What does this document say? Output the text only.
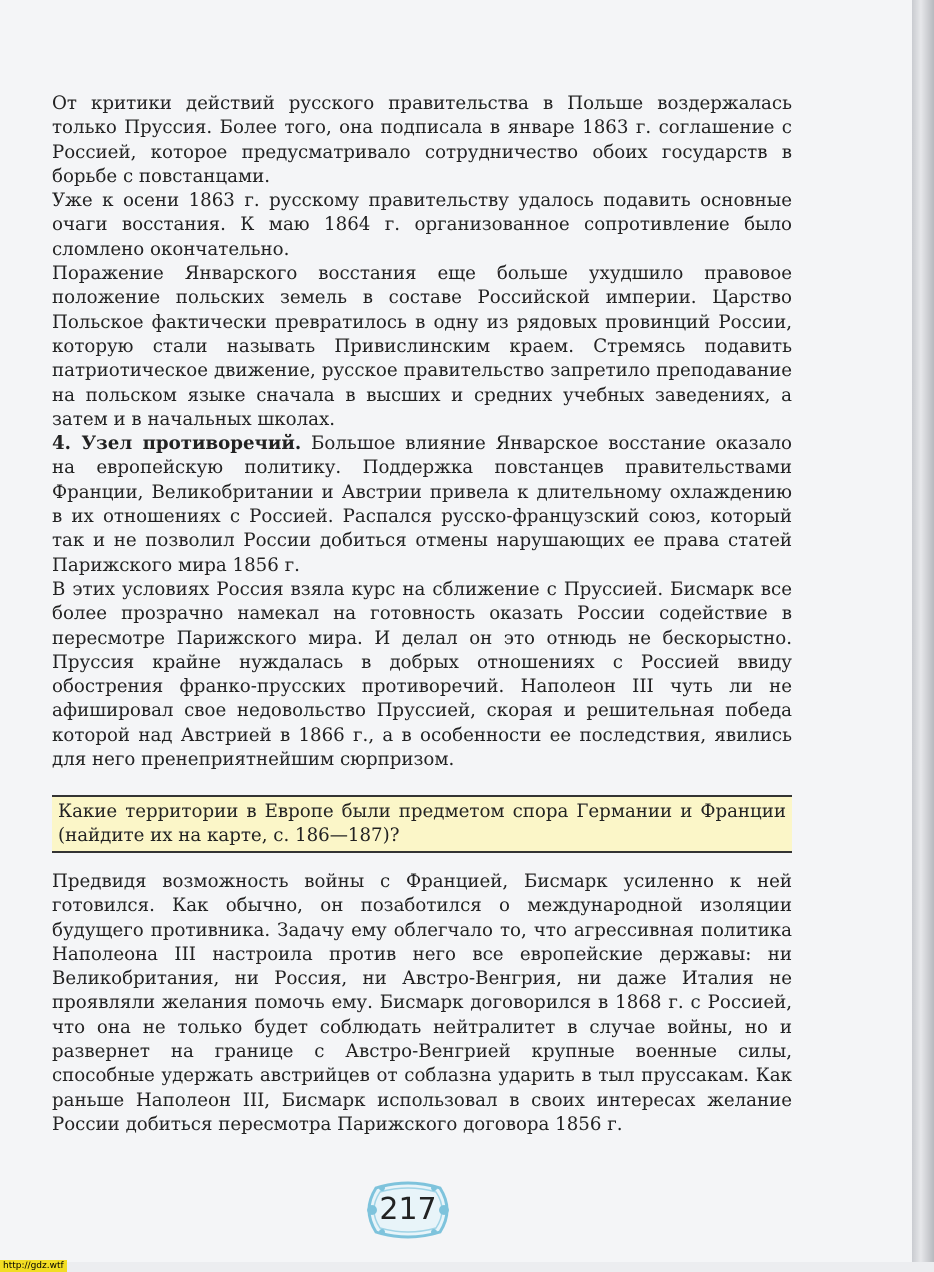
От критики действий русского правительства в Польше воздержалась только Пруссия. Более того, она подписала в январе 1863 г. соглашение с Россией, которое предусматривало сотрудничество обоих государств в борьбе с повстанцами.

Уже к осени 1863 г. русскому правительству удалось подавить основные очаги восстания. К маю 1864 г. организованное сопротивление было сломлено окончательно.

Поражение Январского восстания еще больше ухудшило правовое положение польских земель в составе Российской империи. Царство Польское фактически превратилось в одну из рядовых провинций России, которую стали называть Привислинским краем. Стремясь подавить патриотическое движение, русское правительство запретило преподавание на польском языке сначала в высших и средних учебных заведениях, а затем и в начальных школах.

4. Узел противоречий. Большое влияние Январское восстание оказало на европейскую политику. Поддержка повстанцев правительствами Франции, Великобритании и Австрии привела к длительному охлаждению в их отношениях с Россией. Распался русско-французский союз, который так и не позволил России добиться отмены нарушающих ее права статей Парижского мира 1856 г.

В этих условиях Россия взяла курс на сближение с Пруссией. Бисмарк все более прозрачно намекал на готовность оказать России содействие в пересмотре Парижского мира. И делал он это отнюдь не бескорыстно. Пруссия крайне нуждалась в добрых отношениях с Россией ввиду обострения франко-прусских противоречий. Наполеон III чуть ли не афишировал свое недовольство Пруссией, скорая и решительная победа которой над Австрией в 1866 г., а в особенности ее последствия, явились для него пренеприятнейшим сюрпризом.

Какие территории в Европе были предметом спора Германии и Франции (найдите их на карте, с. 186—187)?

Предвидя возможность войны с Францией, Бисмарк усиленно к ней готовился. Как обычно, он позаботился о международной изоляции будущего противника. Задачу ему облегчало то, что агрессивная политика Наполеона III настроила против него все европейские державы: ни Великобритания, ни Россия, ни Австро-Венгрия, ни даже Италия не проявляли желания помочь ему. Бисмарк договорился в 1868 г. с Россией, что она не только будет соблюдать нейтралитет в случае войны, но и развернет на границе с Австро-Венгрией крупные военные силы, способные удержать австрийцев от соблазна ударить в тыл пруссакам. Как раньше Наполеон III, Бисмарк использовал в своих интересах желание России добиться пересмотра Парижского договора 1856 г.

217
http://gdz.wtf
